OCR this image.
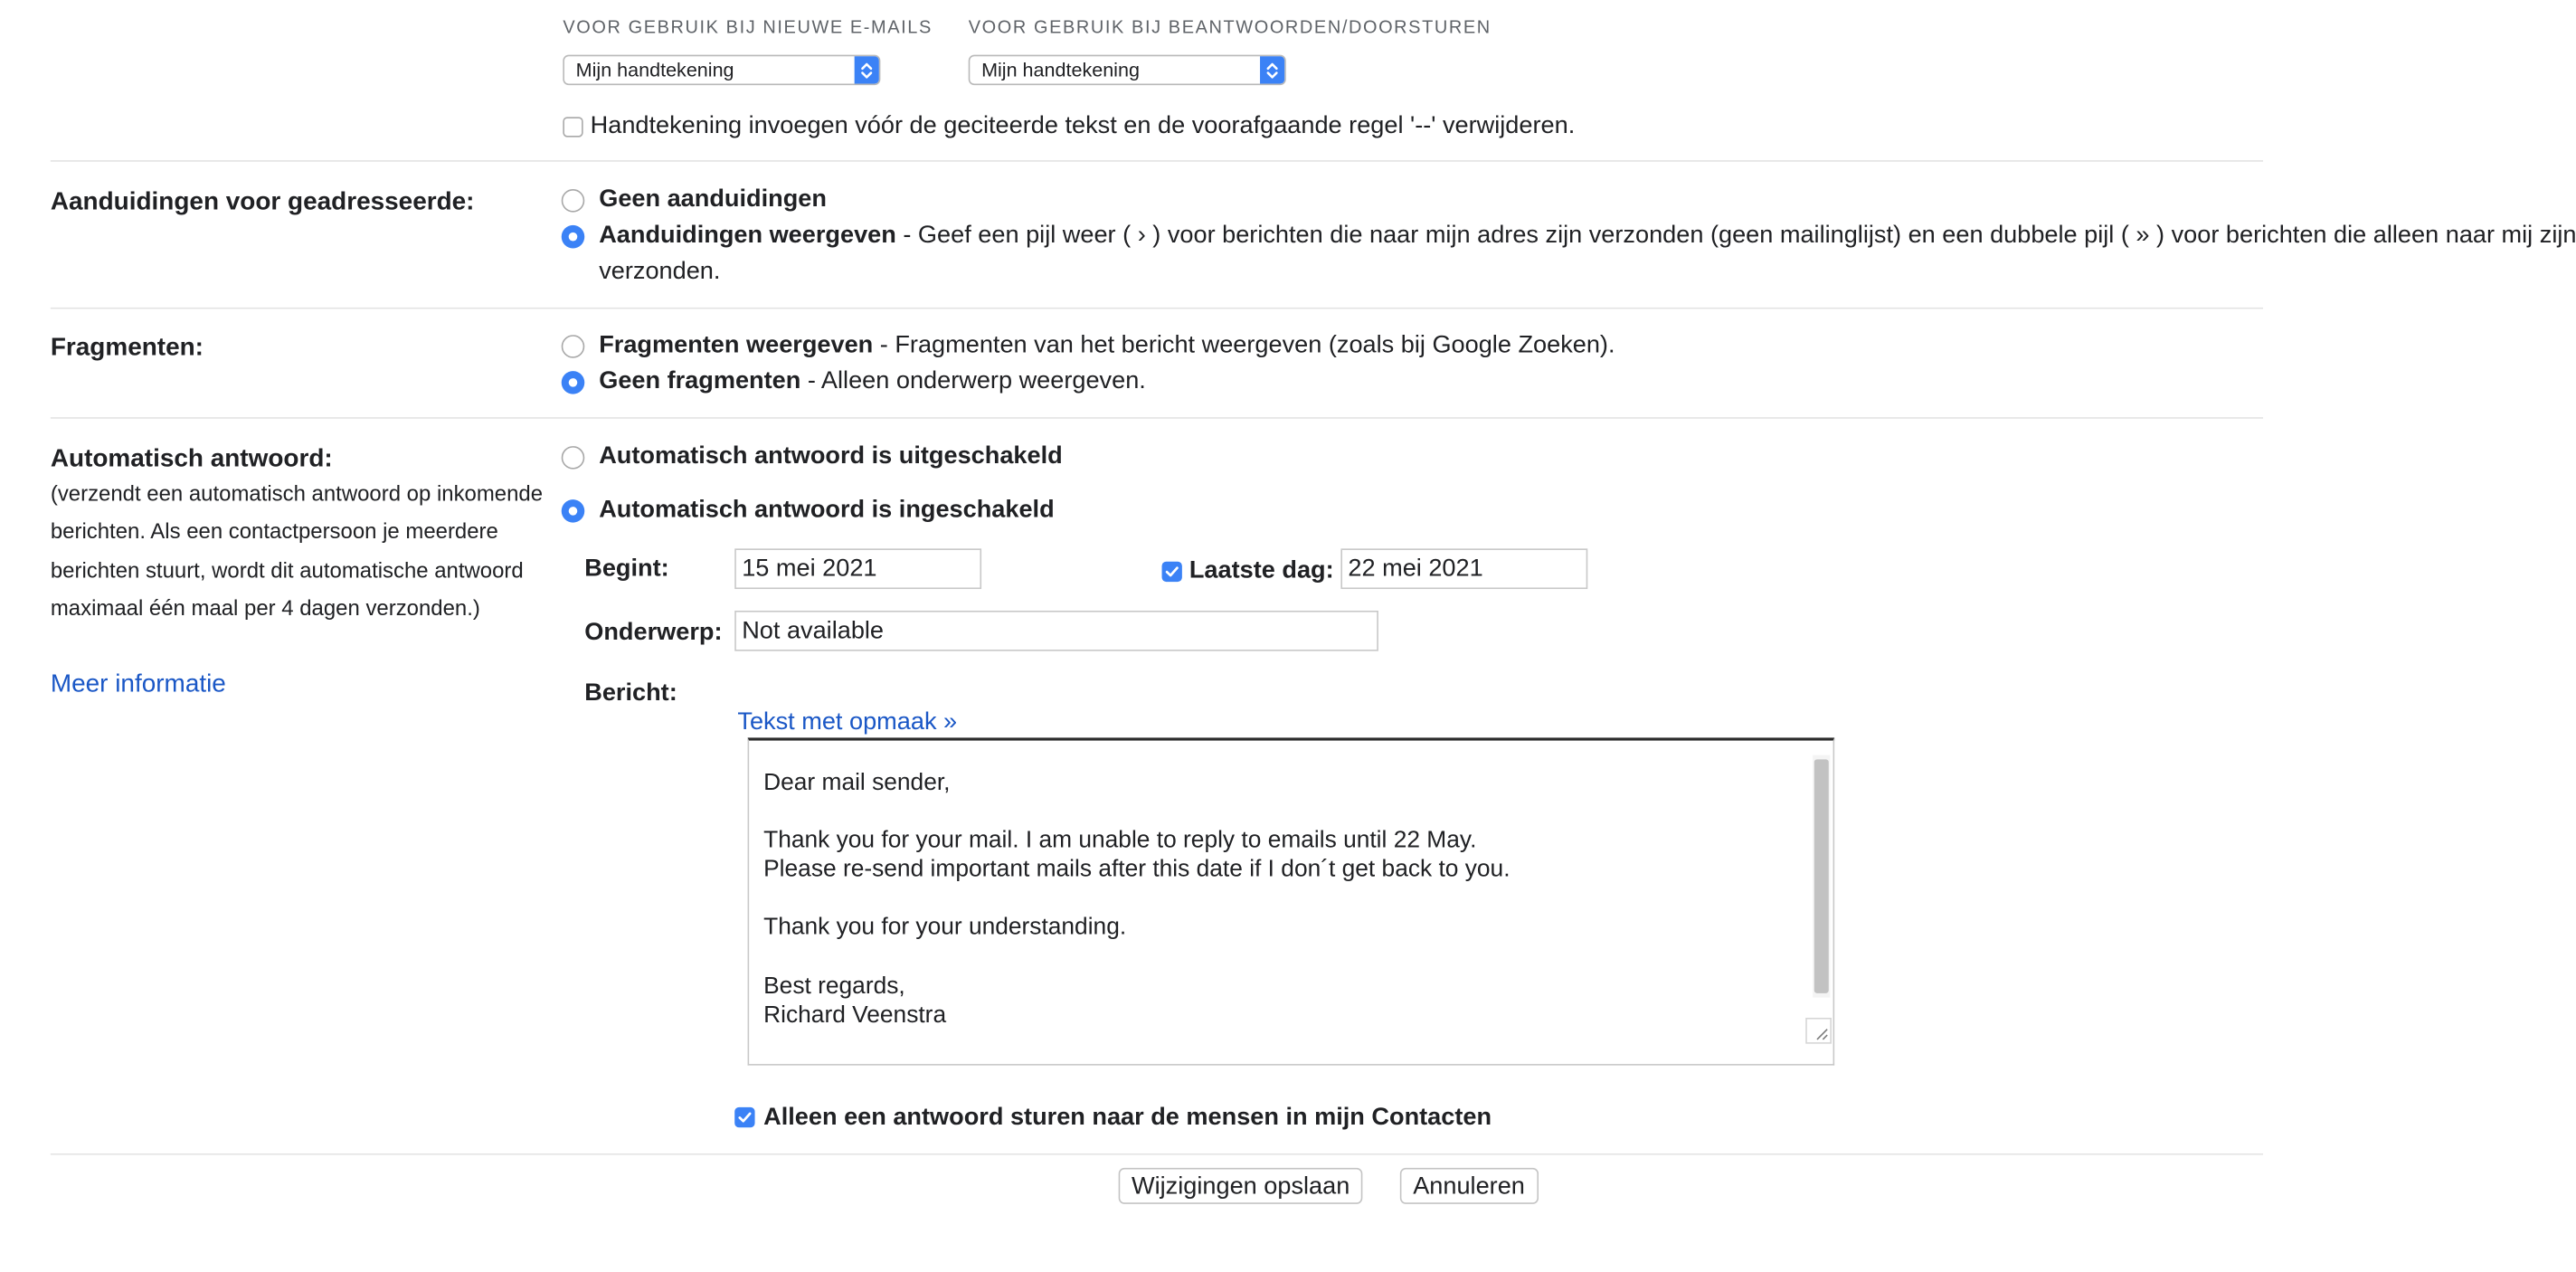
VOOR GEBRUIK BIJ NIEUWE E-MAILS	VOOR GEBRUIK BIJ BEANTWOORDEN/DOORSTUREN
Mijn handtekening	Mijn handtekening
Handtekening invoegen vóór de geciteerde tekst en de voorafgaande regel '--' verwijderen.
Aanduidingen voor geadresseerde:	Geen aanduidingen
Aanduidingen weergeven - Geef een pijl weer ( › ) voor berichten die naar mijn adres zijn verzonden (geen mailinglijst) en een dubbele pijl ( » ) voor berichten die alleen naar mij zijn
verzonden.
Fragmenten:	Fragmenten weergeven - Fragmenten van het bericht weergeven (zoals bij Google Zoeken).
Geen fragmenten - Alleen onderwerp weergeven.
Automatisch antwoord:
(verzendt een automatisch antwoord op inkomende berichten. Als een contactpersoon je meerdere berichten stuurt, wordt dit automatische antwoord maximaal één maal per 4 dagen verzonden.)
Meer informatie
Automatisch antwoord is uitgeschakeld
Automatisch antwoord is ingeschakeld
Begint:	15 mei 2021	Laatste dag: 22 mei 2021
Onderwerp:	Not available
Bericht:
Tekst met opmaak »
Dear mail sender,
Thank you for your mail. I am unable to reply to emails until 22 May.
Please re-send important mails after this date if I don´t get back to you.
Thank you for your understanding.
Best regards,
Richard Veenstra
Alleen een antwoord sturen naar de mensen in mijn Contacten
Wijzigingen opslaan	Annuleren
